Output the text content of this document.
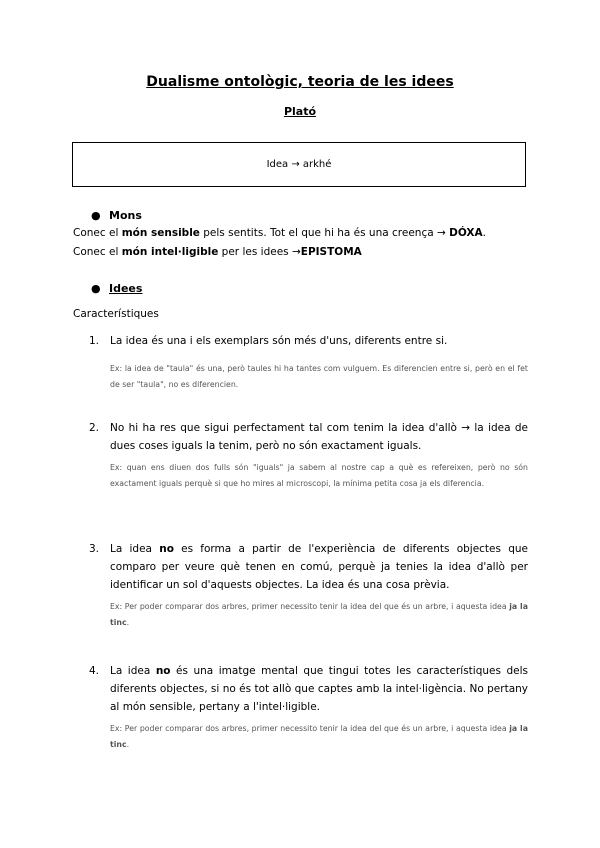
Dualisme ontològic, teoria de les idees
Plató
Idea → arkhé
● Mons
Conec el món sensible pels sentits. Tot el que hi ha és una creença → DÓXA.
Conec el món intel·ligible per les idees →EPISTOMA
● Idees
Característiques
1. La idea és una i els exemplars són més d'uns, diferents entre si.
Ex: la idea de "taula" és una, però taules hi ha tantes com vulguem. Es diferencien entre si, però en el fet de ser "taula", no es diferencien.
2. No hi ha res que sigui perfectament tal com tenim la idea d'allò → la idea de dues coses iguals la tenim, però no són exactament iguals.
Ex: quan ens diuen dos fulls són "iguals" ja sabem al nostre cap a què es refereixen, però no són exactament iguals perquè si que ho mires al microscopi, la mínima petita cosa ja els diferencia.
3. La idea no es forma a partir de l'experiència de diferents objectes que comparo per veure què tenen en comú, perquè ja tenies la idea d'allò per identificar un sol d'aquests objectes. La idea és una cosa prèvia.
Ex: Per poder comparar dos arbres, primer necessito tenir la idea del que és un arbre, i aquesta idea ja la tinc.
4. La idea no és una imatge mental que tingui totes les característiques dels diferents objectes, si no és tot allò que captes amb la intel·ligència. No pertany al món sensible, pertany a l'intel·ligible.
Ex: Per poder comparar dos arbres, primer necessito tenir la idea del que és un arbre, i aquesta idea ja la tinc.
